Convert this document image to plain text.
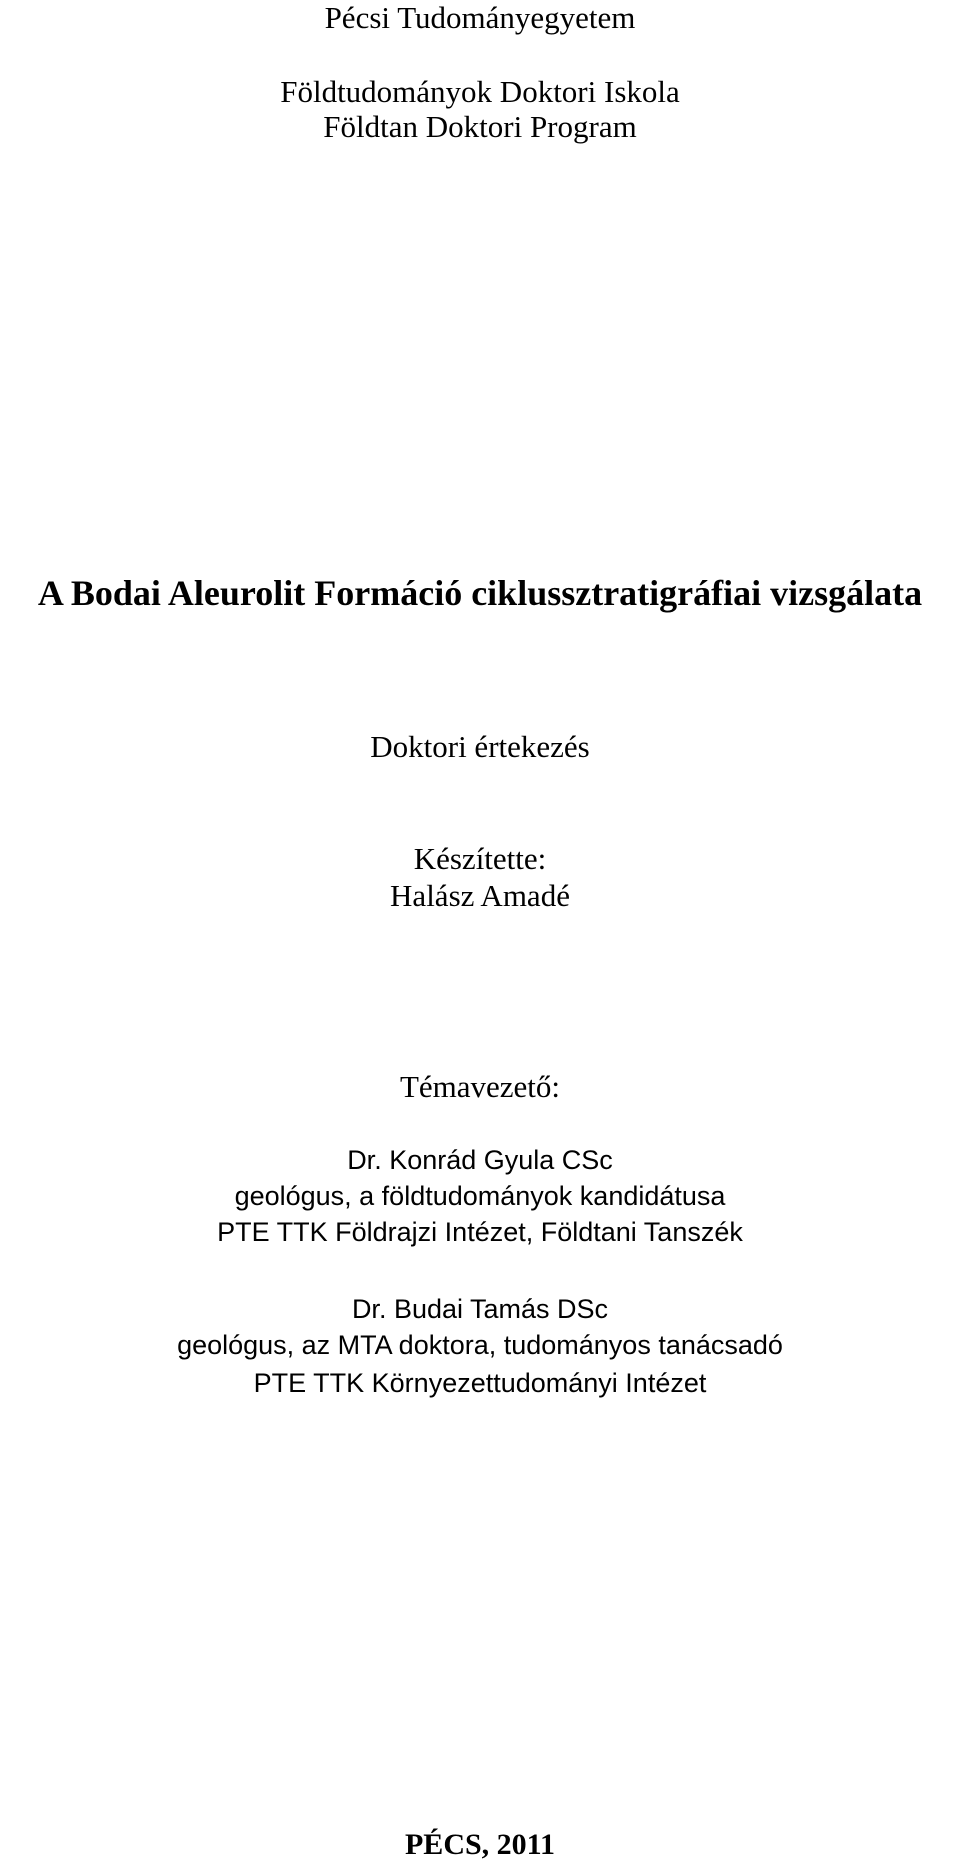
Pécsi Tudományegyetem
Földtudományok Doktori Iskola
Földtan Doktori Program
A Bodai Aleurolit Formáció ciklussztratigráfiai vizsgálata
Doktori értekezés
Készítette:
Halász Amadé
Témavezető:
Dr. Konrád Gyula CSc
geológus, a földtudományok kandidátusa
PTE TTK Földrajzi Intézet, Földtani Tanszék
Dr. Budai Tamás DSc
geológus, az MTA doktora, tudományos tanácsadó
PTE TTK Környezettudományi Intézet
PÉCS, 2011
